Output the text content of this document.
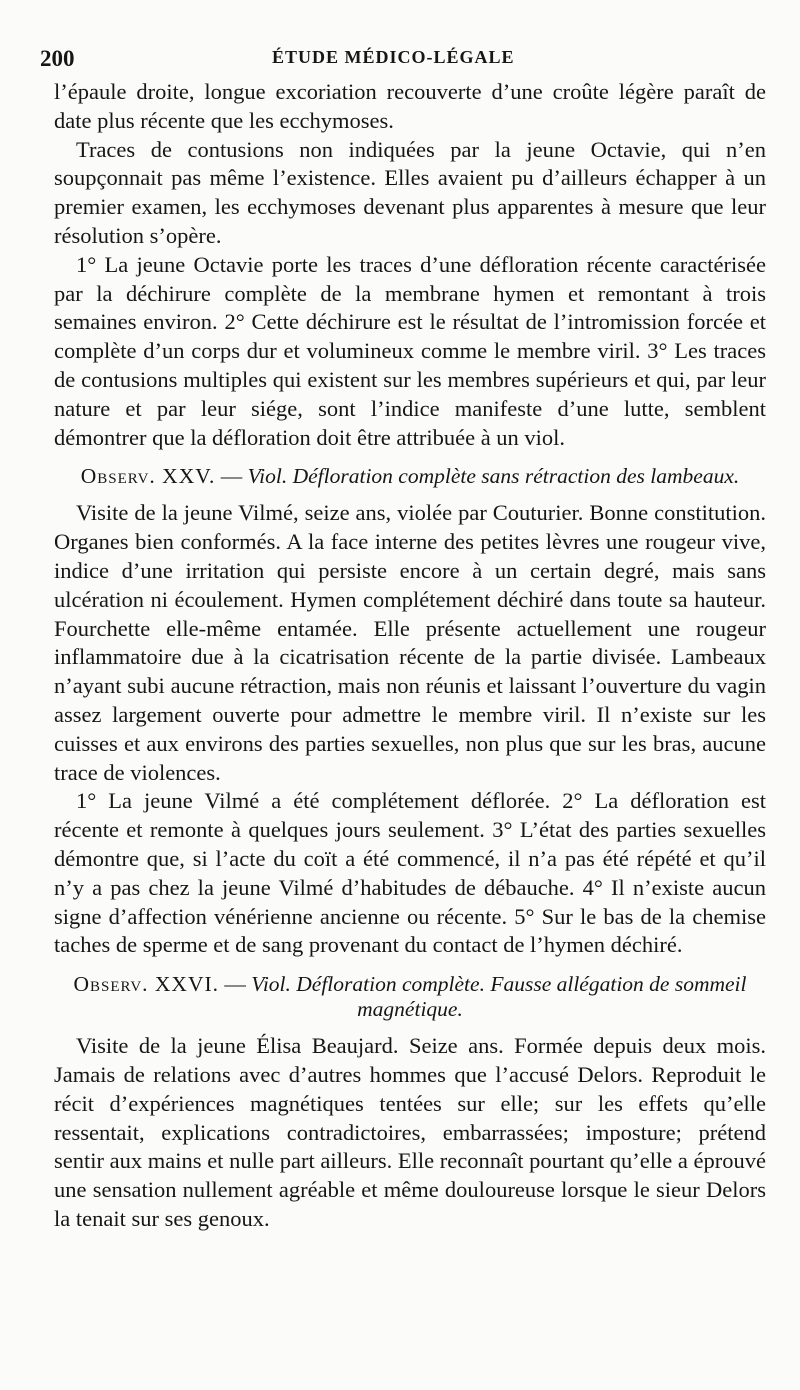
200	ÉTUDE MÉDICO-LÉGALE

l’épaule droite, longue excoriation recouverte d’une croûte légère paraît de date plus récente que les ecchymoses.

Traces de contusions non indiquées par la jeune Octavie, qui n’en soupçonnait pas même l’existence. Elles avaient pu d’ailleurs échapper à un premier examen, les ecchymoses devenant plus apparentes à mesure que leur résolution s’opère.

1° La jeune Octavie porte les traces d’une défloration récente caractérisée par la déchirure complète de la membrane hymen et remontant à trois semaines environ. 2° Cette déchirure est le résultat de l’intromission forcée et complète d’un corps dur et volumineux comme le membre viril. 3° Les traces de contusions multiples qui existent sur les membres supérieurs et qui, par leur nature et par leur siége, sont l’indice manifeste d’une lutte, semblent démontrer que la défloration doit être attribuée à un viol.

Observ. XXV. — Viol. Défloration complète sans rétraction des lambeaux.

Visite de la jeune Vilmé, seize ans, violée par Couturier. Bonne constitution. Organes bien conformés. A la face interne des petites lèvres une rougeur vive, indice d’une irritation qui persiste encore à un certain degré, mais sans ulcération ni écoulement. Hymen complétement déchiré dans toute sa hauteur. Fourchette elle-même entamée. Elle présente actuellement une rougeur inflammatoire due à la cicatrisation récente de la partie divisée. Lambeaux n’ayant subi aucune rétraction, mais non réunis et laissant l’ouverture du vagin assez largement ouverte pour admettre le membre viril. Il n’existe sur les cuisses et aux environs des parties sexuelles, non plus que sur les bras, aucune trace de violences.

1° La jeune Vilmé a été complétement déflorée. 2° La défloration est récente et remonte à quelques jours seulement. 3° L’état des parties sexuelles démontre que, si l’acte du coït a été commencé, il n’a pas été répété et qu’il n’y a pas chez la jeune Vilmé d’habitudes de débauche. 4° Il n’existe aucun signe d’affection vénérienne ancienne ou récente. 5° Sur le bas de la chemise taches de sperme et de sang provenant du contact de l’hymen déchiré.

Observ. XXVI. — Viol. Défloration complète. Fausse allégation de sommeil magnétique.

Visite de la jeune Élisa Beaujard. Seize ans. Formée depuis deux mois. Jamais de relations avec d’autres hommes que l’accusé Delors. Reproduit le récit d’expériences magnétiques tentées sur elle; sur les effets qu’elle ressentait, explications contradictoires, embarrassées; imposture; prétend sentir aux mains et nulle part ailleurs. Elle reconnaît pourtant qu’elle a éprouvé une sensation nullement agréable et même douloureuse lorsque le sieur Delors la tenait sur ses genoux.
